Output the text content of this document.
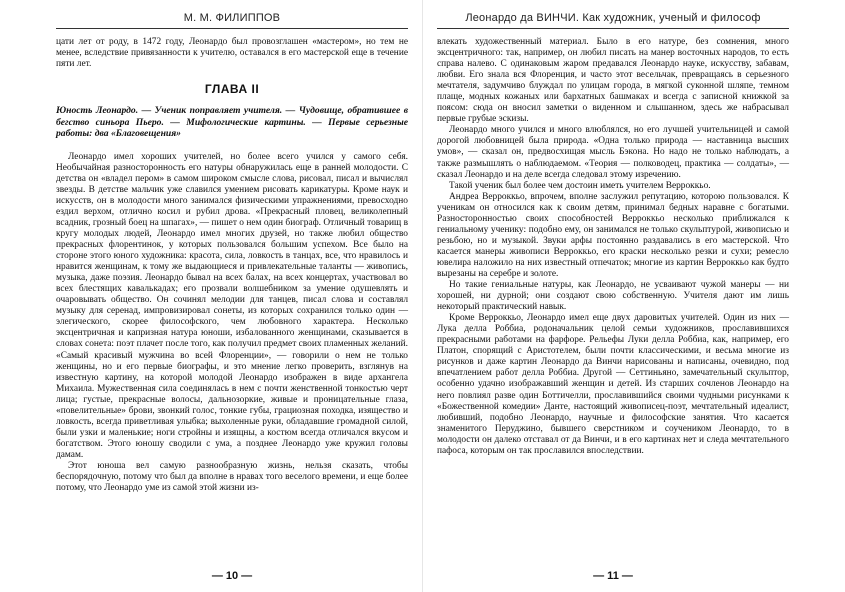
М. М. ФИЛИППОВ

цати лет от роду, в 1472 году, Леонардо был провозглашен «мастером», но тем не менее, вследствие привязанности к учителю, оставался в его мастерской еще в течение пяти лет.

ГЛАВА II
Юность Леонардо. — Ученик поправляет учителя. — Чудовище, обратившее в бегство синьора Пьеро. — Мифологические картины. — Первые серьезные работы: два «Благовещения»

Леонардо имел хороших учителей, но более всего учился у самого себя. Необычайная разносторонность его натуры обнаружилась еще в ранней молодости. С детства он «владел пером» в самом широком смысле слова, рисовал, писал и вычислял звезды. В детстве мальчик уже славился умением рисовать карикатуры. Кроме наук и искусств, он в молодости много занимался физическими упражнениями, превосходно ездил верхом, отлично косил и рубил дрова. «Прекрасный пловец, великолепный всадник, грозный боец на шпагах», — пишет о нем один биограф. Отличный товарищ в кругу молодых людей, Леонардо имел многих друзей, но также любил общество прекрасных флорентинок, у которых пользовался большим успехом. Все было на стороне этого юного художника: красота, сила, ловкость в танцах, все, что нравилось и нравится женщинам, к тому же выдающиеся и привлекательные таланты — живопись, музыка, даже поэзия. Леонардо бывал на всех балах, на всех концертах, участвовал во всех блестящих кавалькадах; его прозвали волшебником за умение одушевлять и очаровывать общество. Он сочинял мелодии для танцев, писал слова и составлял музыку для серенад, импровизировал сонеты, из которых сохранился только один — элегического, скорее философского, чем любовного характера. Несколько эксцентричная и капризная натура юноши, избалованного женщинами, сказывается в словах сонета: поэт плачет после того, как получил предмет своих пламенных желаний. «Самый красивый мужчина во всей Флоренции», — говорили о нем не только женщины, но и его первые биографы, и это мнение легко проверить, взглянув на известную картину, на которой молодой Леонардо изображен в виде архангела Михаила. Мужественная сила соединялась в нем с почти женственной тонкостью черт лица; густые, прекрасные волосы, дальнозоркие, живые и проницательные глаза, «повелительные» брови, звонкий голос, тонкие губы, грациозная походка, изящество и ловкость, всегда приветливая улыбка; выхоленные руки, обладавшие громадной силой, были узки и маленькие; ноги стройны и изящны, а костюм всегда отличался вкусом и богатством. Этого юношу сводили с ума, а позднее Леонардо уже кружил головы дамам.

Этот юноша вел самую разнообразную жизнь, нельзя сказать, чтобы беспорядочную, потому что был да вполне в нравах того веселого времени, и еще более потому, что Леонардо уме из самой этой жизни из-

— 10 —
Леонардо да ВИНЧИ. Как художник, ученый и философ

влекать художественный материал. Было в его натуре, без сомнения, много эксцентричного: так, например, он любил писать на манер восточных народов, то есть справа налево. С одинаковым жаром предавался Леонардо науке, искусству, забавам, любви. Его знала вся Флоренция, и часто этот весельчак, превращаясь в серьезного мечтателя, задумчиво блуждал по улицам города, в мягкой суконной шляпе, темном плаще, модных кожаных или бархатных башмаках и всегда с записной книжкой за поясом: сюда он вносил заметки о виденном и слышанном, здесь же набрасывал первые грубые эскизы.

Леонардо много учился и много влюблялся, но его лучшей учительницей и самой дорогой любовницей была природа. «Одна только природа — наставница высших умов», — сказал он, предвосхищая мысль Бэкона. Но надо не только наблюдать, а также размышлять о наблюдаемом. «Теория — полководец, практика — солдаты», — сказал Леонардо и на деле всегда следовал этому изречению.

Такой ученик был более чем достоин иметь учителем Верроккьо.

Андреа Верроккьо, впрочем, вполне заслужил репутацию, которою пользовался. К ученикам он относился как к своим детям, принимал бедных наравне с богатыми. Разносторонностью своих способностей Верроккьо несколько приближался к гениальному ученику: подобно ему, он занимался не только скульптурой, живописью и резьбою, но и музыкой. Звуки арфы постоянно раздавались в его мастерской. Что касается манеры живописи Верроккьо, его краски несколько резки и сухи; ремесло ювелира наложило на них известный отпечаток; многие из картин Верроккьо как будто вырезаны на серебре и золоте.

Но такие гениальные натуры, как Леонардо, не усваивают чужой манеры — ни хорошей, ни дурной; они создают свою собственную. Учителя дают им лишь некоторый практический навык.

Кроме Верроккьо, Леонардо имел еще двух даровитых учителей. Один из них — Лука делла Роббиа, родоначальник целой семьи художников, прославившихся прекрасными работами на фарфоре. Рельефы Луки делла Роббиа, как, например, его Платон, спорящий с Аристотелем, были почти классическими, и весьма многие из рисунков и даже картин Леонардо да Винчи нарисованы и написаны, очевидно, под впечатлением работ делла Роббиа. Другой — Сеттиньяно, замечательный скульптор, особенно удачно изображавший женщин и детей. Из старших сочленов Леонардо на него повлиял разве один Боттичелли, прославившийся своими чудными рисунками к «Божественной комедии» Данте, настоящий живописец-поэт, мечтательный идеалист, любивший, подобно Леонардо, научные и философские занятия. Что касается знаменитого Перуджино, бывшего сверстником и соучеником Леонардо, то в молодости он далеко отставал от да Винчи, и в его картинах нет и следа мечтательного пафоса, которым он так прославился впоследствии.

— 11 —
